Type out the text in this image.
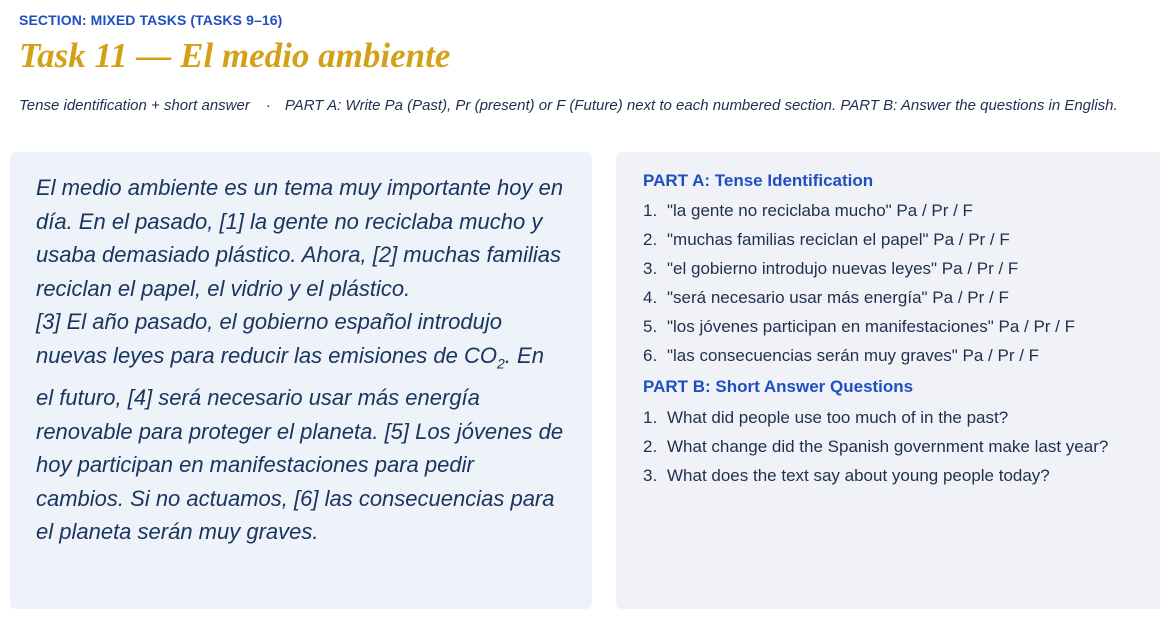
SECTION: MIXED TASKS (TASKS 9–16)
Task 11 — El medio ambiente
Tense identification + short answer · PART A: Write Pa (Past), Pr (present) or F (Future) next to each numbered section. PART B: Answer the questions in English.

El medio ambiente es un tema muy importante hoy en día. En el pasado, [1] la gente no reciclaba mucho y usaba demasiado plástico. Ahora, [2] muchas familias reciclan el papel, el vidrio y el plástico.

[3] El año pasado, el gobierno español introdujo nuevas leyes para reducir las emisiones de $CO_2$. En el futuro, [4] será necesario usar más energía renovable para proteger el planeta. [5] Los jóvenes de hoy participan en manifestaciones para pedir cambios. Si no actuamos, [6] las consecuencias para el planeta serán muy graves.

PART A: Tense Identification
1. "la gente no reciclaba mucho" Pa / Pr / F
2. "muchas familias reciclan el papel" Pa / Pr / F
3. "el gobierno introdujo nuevas leyes" Pa / Pr / F
4. "será necesario usar más energía" Pa / Pr / F
5. "los jóvenes participan en manifestaciones" Pa / Pr / F
6. "las consecuencias serán muy graves" Pa / Pr / F
PART B: Short Answer Questions
1. What did people use too much of in the past?
2. What change did the Spanish government make last year?
3. What does the text say about young people today?
